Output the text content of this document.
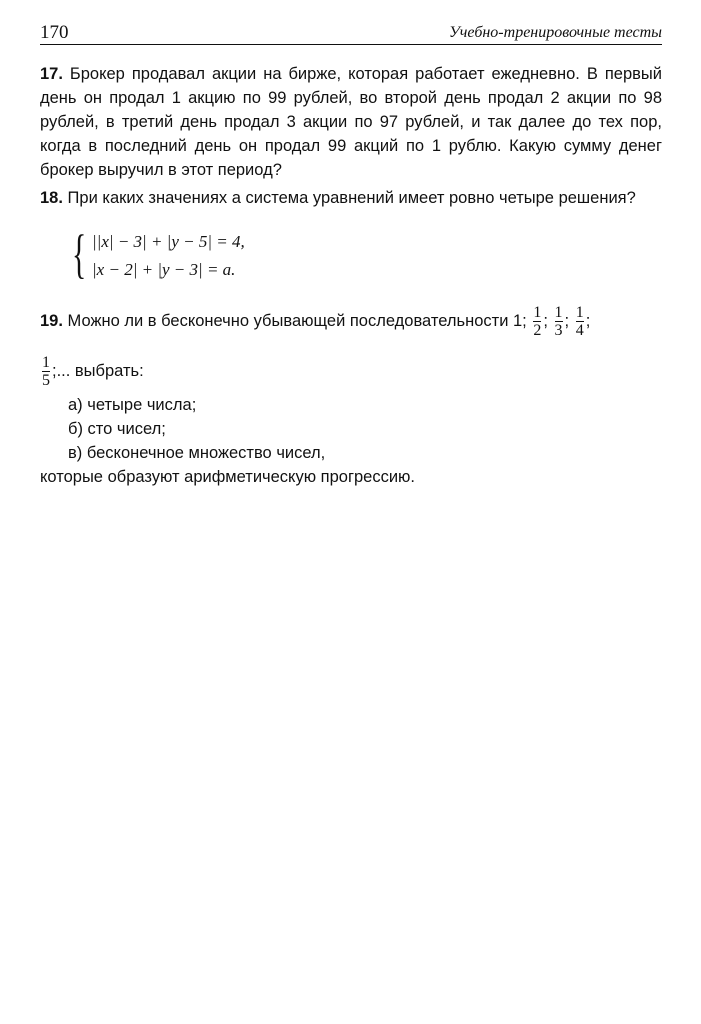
170	Учебно-тренировочные тесты
17. Брокер продавал акции на бирже, которая работает ежедневно. В первый день он продал 1 акцию по 99 рублей, во второй день продал 2 акции по 98 рублей, в третий день продал 3 акции по 97 рублей, и так далее до тех пор, когда в последний день он продал 99 акций по 1 рублю. Какую сумму денег брокер выручил в этот период?
18. При каких значениях a система уравнений имеет ровно четыре решения?
{ ||x| − 3| + |y − 5| = 4,
|x − 2| + |y − 3| = a.
19. Можно ли в бесконечно убывающей последовательности 1; $\frac{1}{2}$ ; $\frac{1}{3}$ ; $\frac{1}{4}$ ;
$\frac{1}{5}$ ;... выбрать:
а) четыре числа;
б) сто чисел;
в) бесконечное множество чисел,
которые образуют арифметическую прогрессию.
